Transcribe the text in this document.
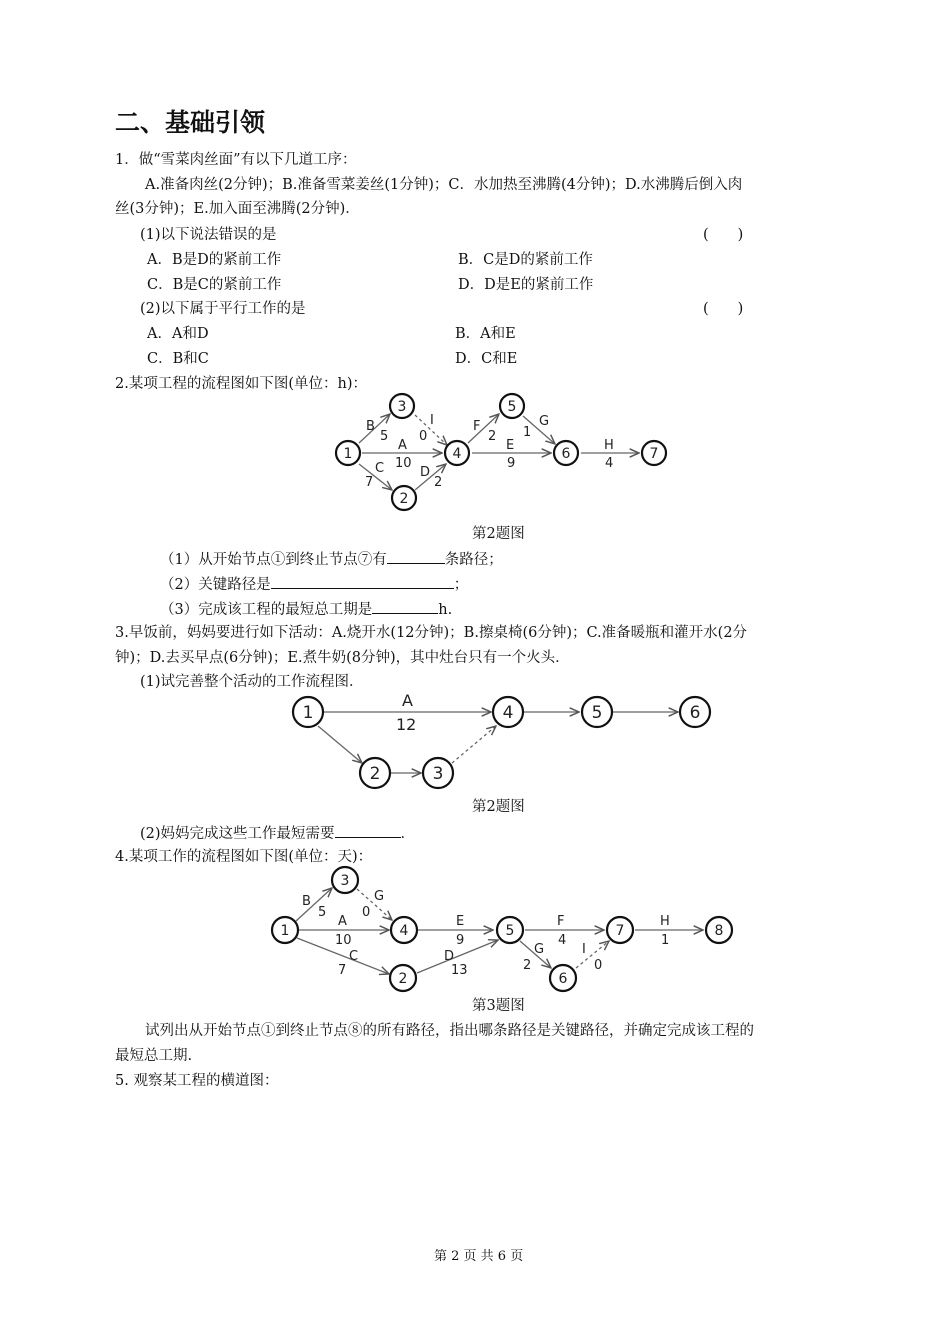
二、基础引领
1．做“雪菜肉丝面”有以下几道工序：
A.准备肉丝(2分钟)；B.准备雪菜姜丝(1分钟)；C．水加热至沸腾(4分钟)；D.水沸腾后倒入肉
丝(3分钟)；E.加入面至沸腾(2分钟)．
(1)以下说法错误的是	(　　)
A．B是D的紧前工作	B．C是D的紧前工作
C．B是C的紧前工作	D．D是E的紧前工作
(2)以下属于平行工作的是	(　　)
A．A和D	B．A和E
C．B和C	D．C和E
2.某项工程的流程图如下图(单位：h)：
B
5
I
0
A
10
C
7
D
2
F
2
G
1
E
9
H
4
1
2
3
4
5
6	7
A
12
1
2	3
4	5	6
B
5
G
0
A
10
C
7
E
9
D
13
F
4
G
2
I
0
H
1
1
2
3
4	5
6
7	8
第2题图
（1）从开始节点①到终止节点⑦有	条路径；
（2）关键路径是	；
（3）完成该工程的最短总工期是	h.
3.早饭前，妈妈要进行如下活动：A.烧开水(12分钟)；B.擦桌椅(6分钟)；C.准备暖瓶和灌开水(2分
钟)；D.去买早点(6分钟)；E.煮牛奶(8分钟)，其中灶台只有一个火头．
(1)试完善整个活动的工作流程图．
第2题图
(2)妈妈完成这些工作最短需要	．
4.某项工作的流程图如下图(单位：天)：
第3题图
试列出从开始节点①到终止节点⑧的所有路径，指出哪条路径是关键路径，并确定完成该工程的
最短总工期.
5. 观察某工程的横道图：
第 2 页 共 6 页
